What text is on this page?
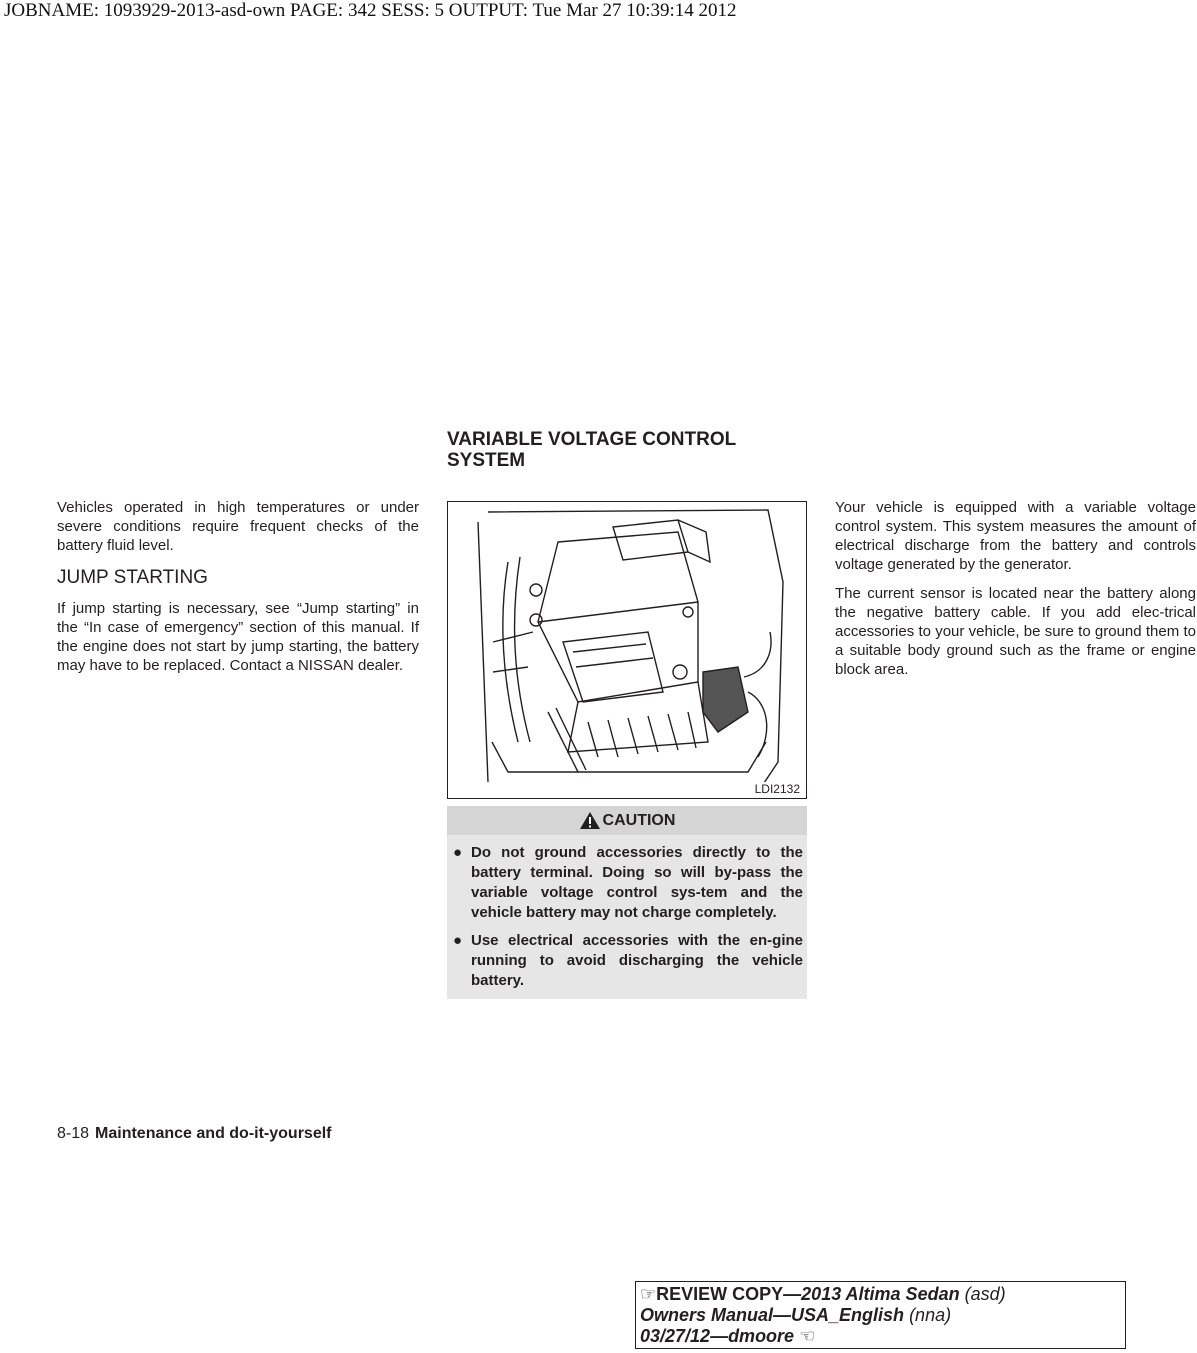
JOBNAME: 1093929-2013-asd-own PAGE: 342 SESS: 5 OUTPUT: Tue Mar 27 10:39:14 2012
VARIABLE VOLTAGE CONTROL
SYSTEM

Vehicles operated in high temperatures or under severe conditions require frequent checks of the battery fluid level.

JUMP STARTING

If jump starting is necessary, see “Jump starting” in the “In case of emergency” section of this manual. If the engine does not start by jump starting, the battery may have to be replaced. Contact a NISSAN dealer.

LDI2132
CAUTION
● Do not ground accessories directly to the battery terminal. Doing so will by-pass the variable voltage control sys-tem and the vehicle battery may not charge completely.
● Use electrical accessories with the en-gine running to avoid discharging the vehicle battery.

Your vehicle is equipped with a variable voltage control system. This system measures the amount of electrical discharge from the battery and controls voltage generated by the generator.

The current sensor is located near the battery along the negative battery cable. If you add elec-trical accessories to your vehicle, be sure to ground them to a suitable body ground such as the frame or engine block area.

8-18 Maintenance and do-it-yourself
☞REVIEW COPY—2013 Altima Sedan (asd)
Owners Manual—USA_English (nna)
03/27/12—dmoore ☜
